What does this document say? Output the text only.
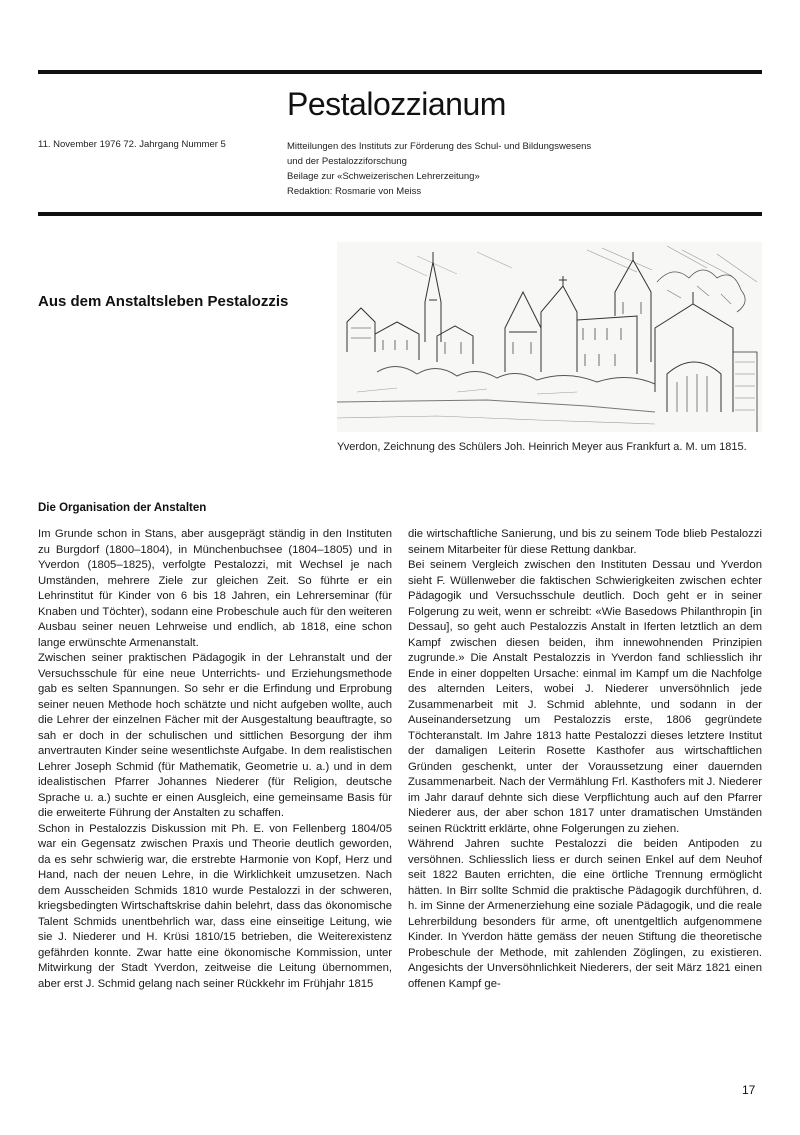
Pestalozzianum
11. November 1976 72. Jahrgang Nummer 5	Mitteilungen des Instituts zur Förderung des Schul- und Bildungswesens
und der Pestalozziforschung
Beilage zur «Schweizerischen Lehrerzeitung»
Redaktion: Rosmarie von Meiss
Aus dem Anstaltsleben Pestalozzis
Yverdon, Zeichnung des Schülers Joh. Heinrich Meyer aus Frankfurt a. M. um 1815.
Die Organisation der Anstalten

Im Grunde schon in Stans, aber ausgeprägt ständig in den Instituten zu Burgdorf (1800–1804), in Münchenbuchsee (1804–1805) und in Yverdon (1805–1825), verfolgte Pestalozzi, mit Wechsel je nach Umständen, mehrere Ziele zur gleichen Zeit. So führte er ein Lehrinstitut für Kinder von 6 bis 18 Jahren, ein Lehrerseminar (für Knaben und Töchter), sodann eine Probeschule auch für den weiteren Ausbau seiner neuen Lehrweise und endlich, ab 1818, eine schon lange erwünschte Armenanstalt.

Zwischen seiner praktischen Pädagogik in der Lehranstalt und der Versuchsschule für eine neue Unterrichts- und Erziehungsmethode gab es selten Spannungen. So sehr er die Erfindung und Erprobung seiner neuen Methode hoch schätzte und nicht aufgeben wollte, auch die Lehrer der einzelnen Fächer mit der Ausgestaltung beauftragte, so sah er doch in der schulischen und sittlichen Besorgung der ihm anvertrauten Kinder seine wesentlichste Aufgabe. In dem realistischen Lehrer Joseph Schmid (für Mathematik, Geometrie u. a.) und in dem idealistischen Pfarrer Johannes Niederer (für Religion, deutsche Sprache u. a.) suchte er einen Ausgleich, eine gemeinsame Basis für die erweiterte Führung der Anstalten zu schaffen.

Schon in Pestalozzis Diskussion mit Ph. E. von Fellenberg 1804/05 war ein Gegensatz zwischen Praxis und Theorie deutlich geworden, da es sehr schwierig war, die erstrebte Harmonie von Kopf, Herz und Hand, nach der neuen Lehre, in die Wirklichkeit umzusetzen. Nach dem Ausscheiden Schmids 1810 wurde Pestalozzi in der schweren, kriegsbedingten Wirtschaftskrise dahin belehrt, dass das ökonomische Talent Schmids unentbehrlich war, dass eine einseitige Leitung, wie sie J. Niederer und H. Krüsi 1810/15 betrieben, die Weiterexistenz gefährden konnte. Zwar hatte eine ökonomische Kommission, unter Mitwirkung der Stadt Yverdon, zeitweise die Leitung übernommen, aber erst J. Schmid gelang nach seiner Rückkehr im Frühjahr 1815

die wirtschaftliche Sanierung, und bis zu seinem Tode blieb Pestalozzi seinem Mitarbeiter für diese Rettung dankbar.

Bei seinem Vergleich zwischen den Instituten Dessau und Yverdon sieht F. Wüllenweber die faktischen Schwierigkeiten zwischen echter Pädagogik und Versuchsschule deutlich. Doch geht er in seiner Folgerung zu weit, wenn er schreibt: «Wie Basedows Philanthropin [in Dessau], so geht auch Pestalozzis Anstalt in Iferten letztlich an dem Kampf zwischen diesen beiden, ihm innewohnenden Prinzipien zugrunde.» Die Anstalt Pestalozzis in Yverdon fand schliesslich ihr Ende in einer doppelten Ursache: einmal im Kampf um die Nachfolge des alternden Leiters, wobei J. Niederer unversöhnlich jede Zusammenarbeit mit J. Schmid ablehnte, und sodann in der Auseinandersetzung um Pestalozzis erste, 1806 gegründete Töchteranstalt. Im Jahre 1813 hatte Pestalozzi dieses letztere Institut der damaligen Leiterin Rosette Kasthofer aus wirtschaftlichen Gründen geschenkt, unter der Voraussetzung einer dauernden Zusammenarbeit. Nach der Vermählung Frl. Kasthofers mit J. Niederer im Jahr darauf dehnte sich diese Verpflichtung auch auf den Pfarrer Niederer aus, der aber schon 1817 unter dramatischen Umständen seinen Rücktritt erklärte, ohne Folgerungen zu ziehen.

Während Jahren suchte Pestalozzi die beiden Antipoden zu versöhnen. Schliesslich liess er durch seinen Enkel auf dem Neuhof seit 1822 Bauten errichten, die eine örtliche Trennung ermöglicht hätten. In Birr sollte Schmid die praktische Pädagogik durchführen, d. h. im Sinne der Armenerziehung eine soziale Pädagogik, und die reale Lehrerbildung besonders für arme, oft unentgeltlich aufgenommene Kinder. In Yverdon hätte gemäss der neuen Stiftung die theoretische Probeschule der Methode, mit zahlenden Zöglingen, zu existieren. Angesichts der Unversöhnlichkeit Niederers, der seit März 1821 einen offenen Kampf ge-

17
